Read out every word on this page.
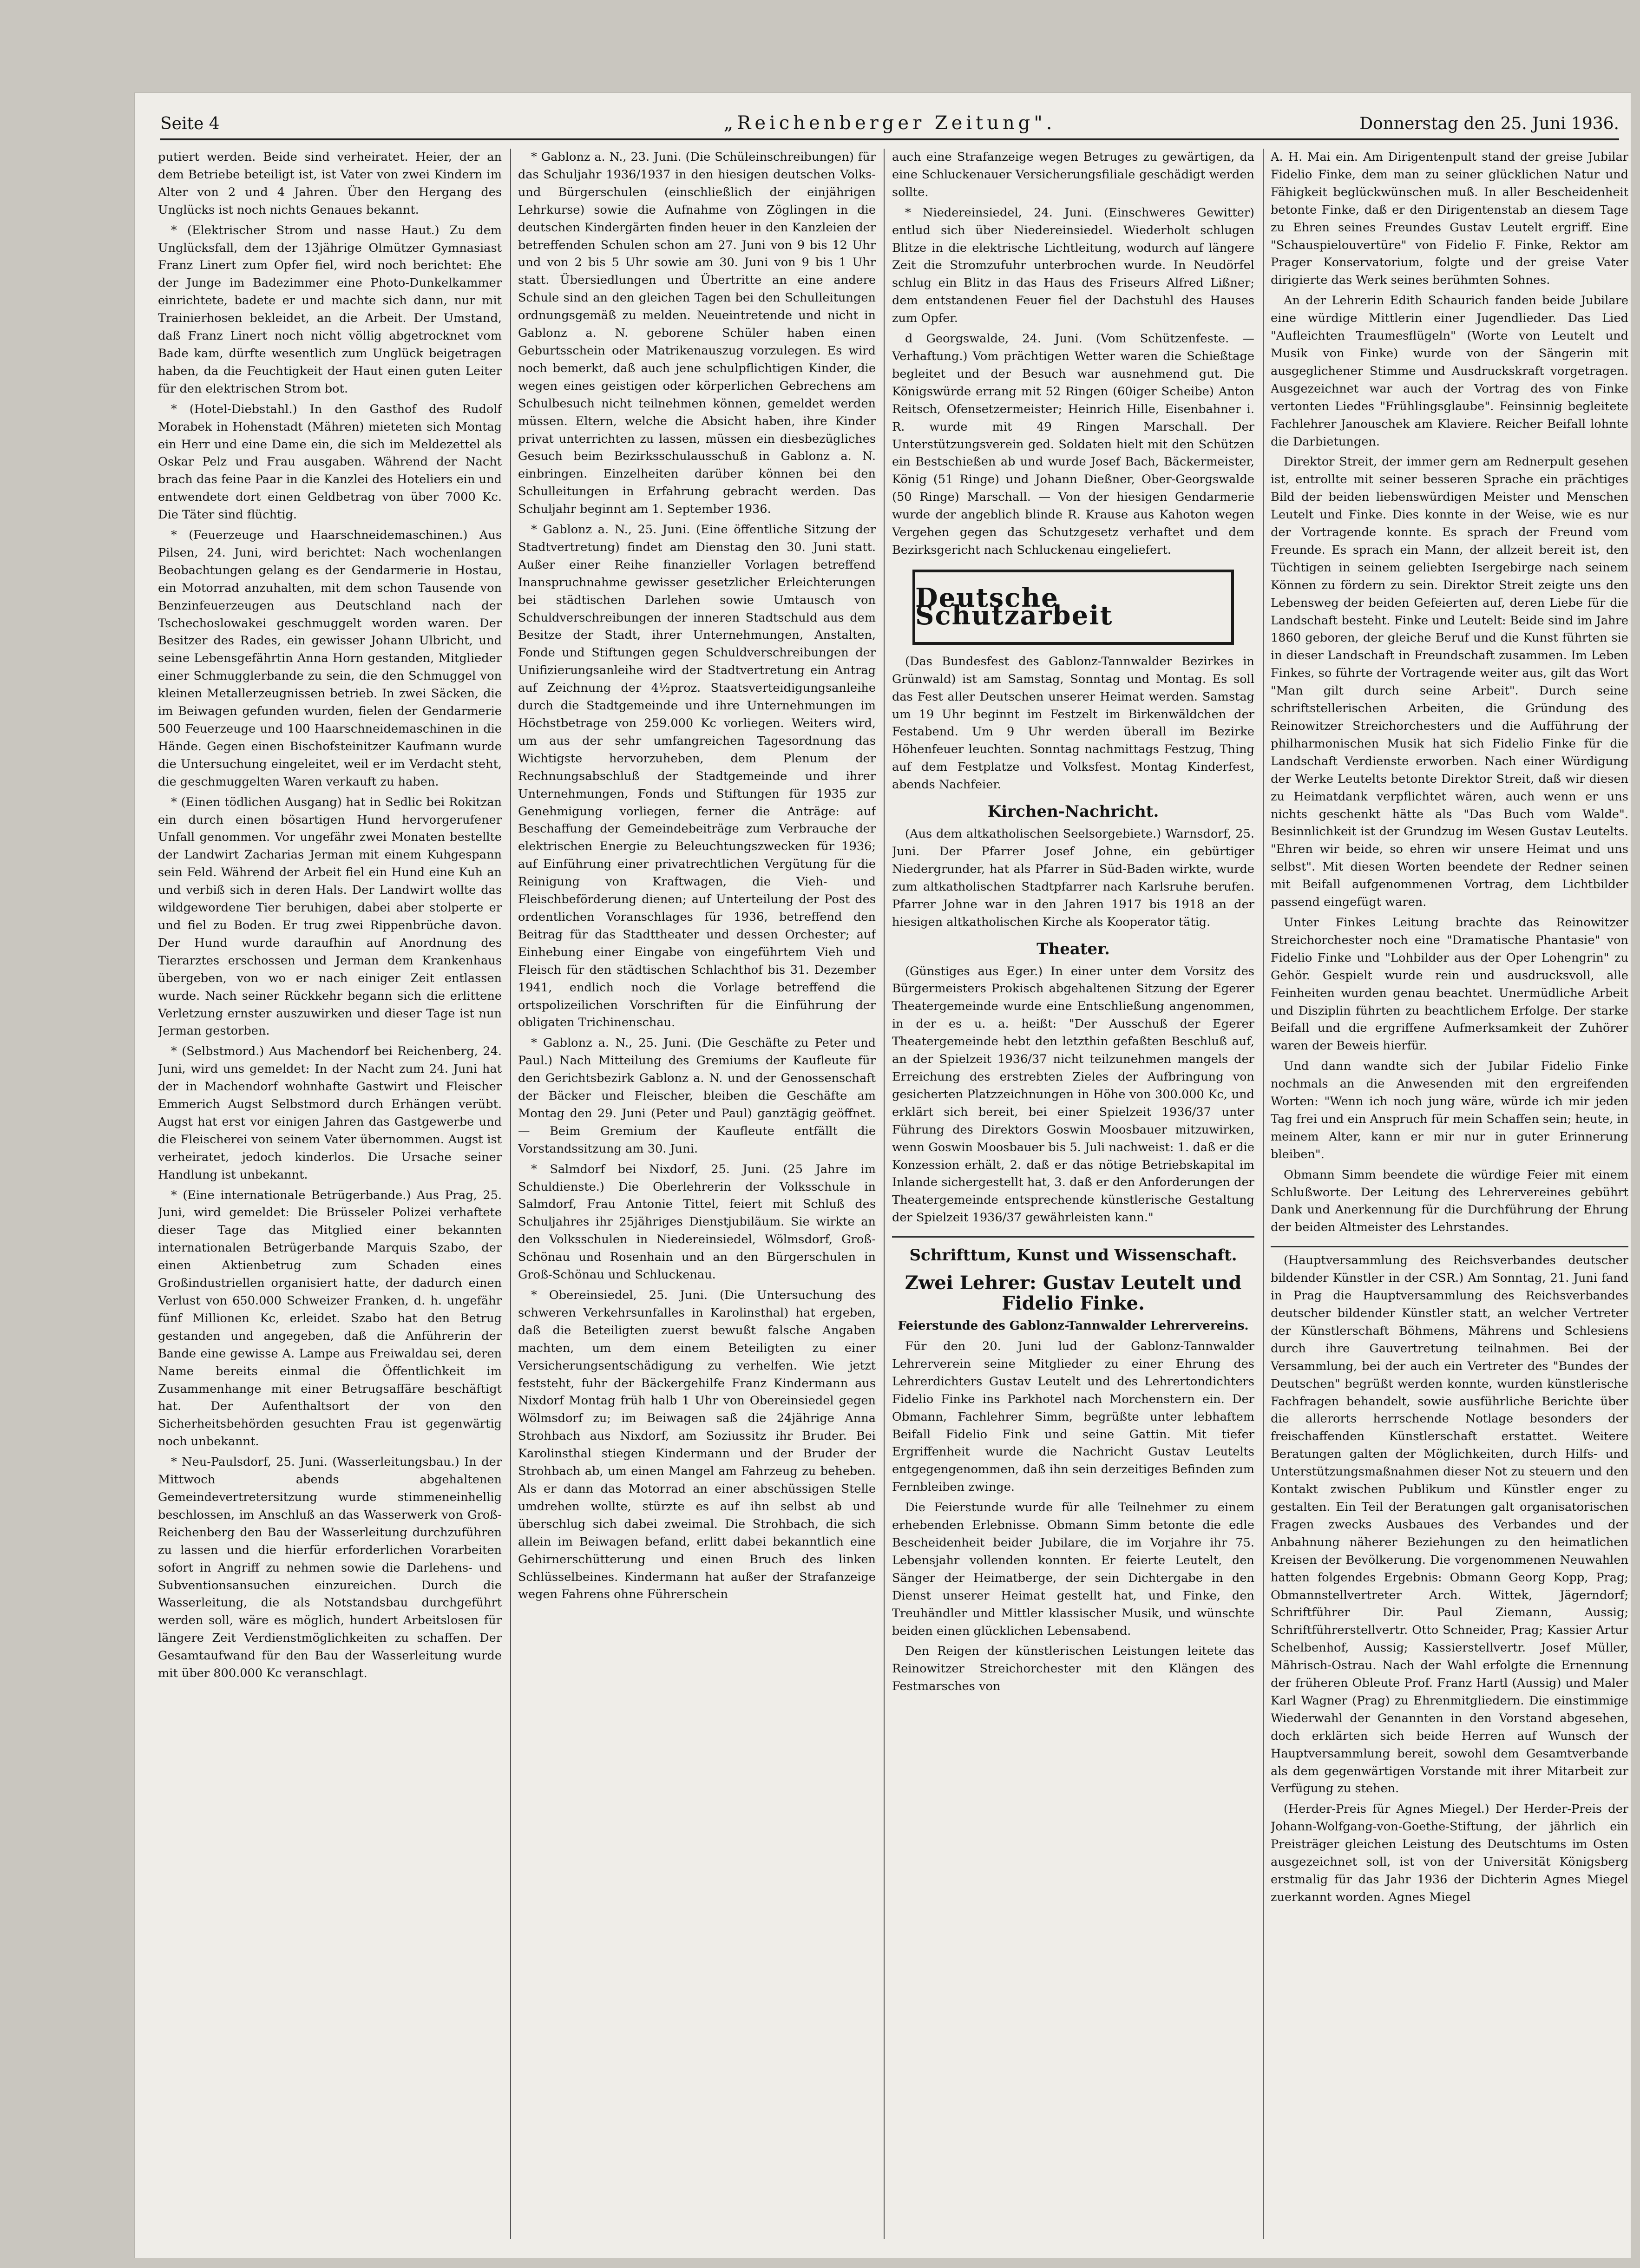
Seite 4	„Reichenberger Zeitung".	Donnerstag den 25. Juni 1936.

putiert werden. Beide sind verheiratet. Heier, der an dem Betriebe beteiligt ist, ist Vater von zwei Kindern im Alter von 2 und 4 Jahren. Über den Hergang des Unglücks ist noch nichts Genaues bekannt.

* (Elektrischer Strom und nasse Haut.) Zu dem Unglücksfall, dem der 13jährige Olmützer Gymnasiast Franz Linert zum Opfer fiel, wird noch berichtet: Ehe der Junge im Badezimmer eine Photo-Dunkelkammer einrichtete, badete er und machte sich dann, nur mit Trainierhosen bekleidet, an die Arbeit. Der Umstand, daß Franz Linert noch nicht völlig abgetrocknet vom Bade kam, dürfte wesentlich zum Unglück beigetragen haben, da die Feuchtigkeit der Haut einen guten Leiter für den elektrischen Strom bot.

* (Hotel-Diebstahl.) In den Gasthof des Rudolf Morabek in Hohenstadt (Mähren) mieteten sich Montag ein Herr und eine Dame ein, die sich im Meldezettel als Oskar Pelz und Frau ausgaben. Während der Nacht brach das feine Paar in die Kanzlei des Hoteliers ein und entwendete dort einen Geldbetrag von über 7000 Kc. Die Täter sind flüchtig.

* (Feuerzeuge und Haarschneidemaschinen.) Aus Pilsen, 24. Juni, wird berichtet: Nach wochenlangen Beobachtungen gelang es der Gendarmerie in Hostau, ein Motorrad anzuhalten, mit dem schon Tausende von Benzinfeuerzeugen aus Deutschland nach der Tschechoslowakei geschmuggelt worden waren. Der Besitzer des Rades, ein gewisser Johann Ulbricht, und seine Lebensgefährtin Anna Horn gestanden, Mitglieder einer Schmugglerbande zu sein, die den Schmuggel von kleinen Metallerzeugnissen betrieb. In zwei Säcken, die im Beiwagen gefunden wurden, fielen der Gendarmerie 500 Feuerzeuge und 100 Haarschneidemaschinen in die Hände. Gegen einen Bischofsteinitzer Kaufmann wurde die Untersuchung eingeleitet, weil er im Verdacht steht, die geschmuggelten Waren verkauft zu haben.

* (Einen tödlichen Ausgang) hat in Sedlic bei Rokitzan ein durch einen bösartigen Hund hervorgerufener Unfall genommen. Vor ungefähr zwei Monaten bestellte der Landwirt Zacharias Jerman mit einem Kuhgespann sein Feld. Während der Arbeit fiel ein Hund eine Kuh an und verbiß sich in deren Hals. Der Landwirt wollte das wildgewordene Tier beruhigen, dabei aber stolperte er und fiel zu Boden. Er trug zwei Rippenbrüche davon. Der Hund wurde daraufhin auf Anordnung des Tierarztes erschossen und Jerman dem Krankenhaus übergeben, von wo er nach einiger Zeit entlassen wurde. Nach seiner Rückkehr begann sich die erlittene Verletzung ernster auszuwirken und dieser Tage ist nun Jerman gestorben.

* (Selbstmord.) Aus Machendorf bei Reichenberg, 24. Juni, wird uns gemeldet: In der Nacht zum 24. Juni hat der in Machendorf wohnhafte Gastwirt und Fleischer Emmerich Augst Selbstmord durch Erhängen verübt. Augst hat erst vor einigen Jahren das Gastgewerbe und die Fleischerei von seinem Vater übernommen. Augst ist verheiratet, jedoch kinderlos. Die Ursache seiner Handlung ist unbekannt.

* (Eine internationale Betrügerbande.) Aus Prag, 25. Juni, wird gemeldet: Die Brüsseler Polizei verhaftete dieser Tage das Mitglied einer bekannten internationalen Betrügerbande Marquis Szabo, der einen Aktienbetrug zum Schaden eines Großindustriellen organisiert hatte, der dadurch einen Verlust von 650.000 Schweizer Franken, d. h. ungefähr fünf Millionen Kc, erleidet. Szabo hat den Betrug gestanden und angegeben, daß die Anführerin der Bande eine gewisse A. Lampe aus Freiwaldau sei, deren Name bereits einmal die Öffentlichkeit im Zusammenhange mit einer Betrugsaffäre beschäftigt hat. Der Aufenthaltsort der von den Sicherheitsbehörden gesuchten Frau ist gegenwärtig noch unbekannt.

* Neu-Paulsdorf, 25. Juni. (Wasserleitungsbau.) In der Mittwoch abends abgehaltenen Gemeindevertretersitzung wurde stimmeneinhellig beschlossen, im Anschluß an das Wasserwerk von Groß-Reichenberg den Bau der Wasserleitung durchzuführen zu lassen und die hierfür erforderlichen Vorarbeiten sofort in Angriff zu nehmen sowie die Darlehens- und Subventionsansuchen einzureichen. Durch die Wasserleitung, die als Notstandsbau durchgeführt werden soll, wäre es möglich, hundert Arbeitslosen für längere Zeit Verdienstmöglichkeiten zu schaffen. Der Gesamtaufwand für den Bau der Wasserleitung wurde mit über 800.000 Kc veranschlagt.

* Gablonz a. N., 23. Juni. (Die Schüleinschreibungen) für das Schuljahr 1936/1937 in den hiesigen deutschen Volks- und Bürgerschulen (einschließlich der einjährigen Lehrkurse) sowie die Aufnahme von Zöglingen in die deutschen Kindergärten finden heuer in den Kanzleien der betreffenden Schulen schon am 27. Juni von 9 bis 12 Uhr und von 2 bis 5 Uhr sowie am 30. Juni von 9 bis 1 Uhr statt. Übersiedlungen und Übertritte an eine andere Schule sind an den gleichen Tagen bei den Schulleitungen ordnungsgemäß zu melden. Neueintretende und nicht in Gablonz a. N. geborene Schüler haben einen Geburtsschein oder Matrikenauszug vorzulegen. Es wird noch bemerkt, daß auch jene schulpflichtigen Kinder, die wegen eines geistigen oder körperlichen Gebrechens am Schulbesuch nicht teilnehmen können, gemeldet werden müssen. Eltern, welche die Absicht haben, ihre Kinder privat unterrichten zu lassen, müssen ein diesbezügliches Gesuch beim Bezirksschulausschuß in Gablonz a. N. einbringen. Einzelheiten darüber können bei den Schulleitungen in Erfahrung gebracht werden. Das Schuljahr beginnt am 1. September 1936.

* Gablonz a. N., 25. Juni. (Eine öffentliche Sitzung der Stadtvertretung) findet am Dienstag den 30. Juni statt. Außer einer Reihe finanzieller Vorlagen betreffend Inanspruchnahme gewisser gesetzlicher Erleichterungen bei städtischen Darlehen sowie Umtausch von Schuldverschreibungen der inneren Stadtschuld aus dem Besitze der Stadt, ihrer Unternehmungen, Anstalten, Fonde und Stiftungen gegen Schuldverschreibungen der Unifizierungsanleihe wird der Stadtvertretung ein Antrag auf Zeichnung der 4½proz. Staatsverteidigungsanleihe durch die Stadtgemeinde und ihre Unternehmungen im Höchstbetrage von 259.000 Kc vorliegen. Weiters wird, um aus der sehr umfangreichen Tagesordnung das Wichtigste hervorzuheben, dem Plenum der Rechnungsabschluß der Stadtgemeinde und ihrer Unternehmungen, Fonds und Stiftungen für 1935 zur Genehmigung vorliegen, ferner die Anträge: auf Beschaffung der Gemeindebeiträge zum Verbrauche der elektrischen Energie zu Beleuchtungszwecken für 1936; auf Einführung einer privatrechtlichen Vergütung für die Reinigung von Kraftwagen, die Vieh- und Fleischbeförderung dienen; auf Unterteilung der Post des ordentlichen Voranschlages für 1936, betreffend den Beitrag für das Stadttheater und dessen Orchester; auf Einhebung einer Eingabe von eingeführtem Vieh und Fleisch für den städtischen Schlachthof bis 31. Dezember 1941, endlich noch die Vorlage betreffend die ortspolizeilichen Vorschriften für die Einführung der obligaten Trichinenschau.

* Gablonz a. N., 25. Juni. (Die Geschäfte zu Peter und Paul.) Nach Mitteilung des Gremiums der Kaufleute für den Gerichtsbezirk Gablonz a. N. und der Genossenschaft der Bäcker und Fleischer, bleiben die Geschäfte am Montag den 29. Juni (Peter und Paul) ganztägig geöffnet. — Beim Gremium der Kaufleute entfällt die Vorstandssitzung am 30. Juni.

* Salmdorf bei Nixdorf, 25. Juni. (25 Jahre im Schuldienste.) Die Oberlehrerin der Volksschule in Salmdorf, Frau Antonie Tittel, feiert mit Schluß des Schuljahres ihr 25jähriges Dienstjubiläum. Sie wirkte an den Volksschulen in Niedereinsiedel, Wölmsdorf, Groß-Schönau und Rosenhain und an den Bürgerschulen in Groß-Schönau und Schluckenau.

* Obereinsiedel, 25. Juni. (Die Untersuchung des schweren Verkehrsunfalles in Karolinsthal) hat ergeben, daß die Beteiligten zuerst bewußt falsche Angaben machten, um dem einem Beteiligten zu einer Versicherungsentschädigung zu verhelfen. Wie jetzt feststeht, fuhr der Bäckergehilfe Franz Kindermann aus Nixdorf Montag früh halb 1 Uhr von Obereinsiedel gegen Wölmsdorf zu; im Beiwagen saß die 24jährige Anna Strohbach aus Nixdorf, am Soziussitz ihr Bruder. Bei Karolinsthal stiegen Kindermann und der Bruder der Strohbach ab, um einen Mangel am Fahrzeug zu beheben. Als er dann das Motorrad an einer abschüssigen Stelle umdrehen wollte, stürzte es auf ihn selbst ab und überschlug sich dabei zweimal. Die Strohbach, die sich allein im Beiwagen befand, erlitt dabei bekanntlich eine Gehirnerschütterung und einen Bruch des linken Schlüsselbeines. Kindermann hat außer der Strafanzeige wegen Fahrens ohne Führerschein

auch eine Strafanzeige wegen Betruges zu gewärtigen, da eine Schluckenauer Versicherungsfiliale geschädigt werden sollte.

* Niedereinsiedel, 24. Juni. (Einschweres Gewitter) entlud sich über Niedereinsiedel. Wiederholt schlugen Blitze in die elektrische Lichtleitung, wodurch auf längere Zeit die Stromzufuhr unterbrochen wurde. In Neudörfel schlug ein Blitz in das Haus des Friseurs Alfred Lißner; dem entstandenen Feuer fiel der Dachstuhl des Hauses zum Opfer.

d Georgswalde, 24. Juni. (Vom Schützenfeste. — Verhaftung.) Vom prächtigen Wetter waren die Schießtage begleitet und der Besuch war ausnehmend gut. Die Königswürde errang mit 52 Ringen (60iger Scheibe) Anton Reitsch, Ofensetzermeister; Heinrich Hille, Eisenbahner i. R. wurde mit 49 Ringen Marschall. Der Unterstützungsverein ged. Soldaten hielt mit den Schützen ein Bestschießen ab und wurde Josef Bach, Bäckermeister, König (51 Ringe) und Johann Dießner, Ober-Georgswalde (50 Ringe) Marschall. — Von der hiesigen Gendarmerie wurde der angeblich blinde R. Krause aus Kahoton wegen Vergehen gegen das Schutzgesetz verhaftet und dem Bezirksgericht nach Schluckenau eingeliefert.

Deutsche Schutzarbeit

(Das Bundesfest des Gablonz-Tannwalder Bezirkes in Grünwald) ist am Samstag, Sonntag und Montag. Es soll das Fest aller Deutschen unserer Heimat werden. Samstag um 19 Uhr beginnt im Festzelt im Birkenwäldchen der Festabend. Um 9 Uhr werden überall im Bezirke Höhenfeuer leuchten. Sonntag nachmittags Festzug, Thing auf dem Festplatze und Volksfest. Montag Kinderfest, abends Nachfeier.

Kirchen-Nachricht.

(Aus dem altkatholischen Seelsorgebiete.) Warnsdorf, 25. Juni. Der Pfarrer Josef Johne, ein gebürtiger Niedergrunder, hat als Pfarrer in Süd-Baden wirkte, wurde zum altkatholischen Stadtpfarrer nach Karlsruhe berufen. Pfarrer Johne war in den Jahren 1917 bis 1918 an der hiesigen altkatholischen Kirche als Kooperator tätig.

Theater.

(Günstiges aus Eger.) In einer unter dem Vorsitz des Bürgermeisters Prokisch abgehaltenen Sitzung der Egerer Theatergemeinde wurde eine Entschließung angenommen, in der es u. a. heißt: "Der Ausschuß der Egerer Theatergemeinde hebt den letzthin gefaßten Beschluß auf, an der Spielzeit 1936/37 nicht teilzunehmen mangels der Erreichung des erstrebten Zieles der Aufbringung von gesicherten Platzzeichnungen in Höhe von 300.000 Kc, und erklärt sich bereit, bei einer Spielzeit 1936/37 unter Führung des Direktors Goswin Moosbauer mitzuwirken, wenn Goswin Moosbauer bis 5. Juli nachweist: 1. daß er die Konzession erhält, 2. daß er das nötige Betriebskapital im Inlande sichergestellt hat, 3. daß er den Anforderungen der Theatergemeinde entsprechende künstlerische Gestaltung der Spielzeit 1936/37 gewährleisten kann."

Schrifttum, Kunst und Wissenschaft.
Zwei Lehrer: Gustav Leutelt und Fidelio Finke.

Feierstunde des Gablonz-Tannwalder Lehrervereins.

Für den 20. Juni lud der Gablonz-Tannwalder Lehrerverein seine Mitglieder zu einer Ehrung des Lehrerdichters Gustav Leutelt und des Lehrertondichters Fidelio Finke ins Parkhotel nach Morchenstern ein. Der Obmann, Fachlehrer Simm, begrüßte unter lebhaftem Beifall Fidelio Fink und seine Gattin. Mit tiefer Ergriffenheit wurde die Nachricht Gustav Leutelts entgegengenommen, daß ihn sein derzeitiges Befinden zum Fernbleiben zwinge.

Die Feierstunde wurde für alle Teilnehmer zu einem erhebenden Erlebnisse. Obmann Simm betonte die edle Bescheidenheit beider Jubilare, die im Vorjahre ihr 75. Lebensjahr vollenden konnten. Er feierte Leutelt, den Sänger der Heimatberge, der sein Dichtergabe in den Dienst unserer Heimat gestellt hat, und Finke, den Treuhändler und Mittler klassischer Musik, und wünschte beiden einen glücklichen Lebensabend.

Den Reigen der künstlerischen Leistungen leitete das Reinowitzer Streichorchester mit den Klängen des Festmarsches von

A. H. Mai ein. Am Dirigentenpult stand der greise Jubilar Fidelio Finke, dem man zu seiner glücklichen Natur und Fähigkeit beglückwünschen muß. In aller Bescheidenheit betonte Finke, daß er den Dirigentenstab an diesem Tage zu Ehren seines Freundes Gustav Leutelt ergriff. Eine "Schauspielouvertüre" von Fidelio F. Finke, Rektor am Prager Konservatorium, folgte und der greise Vater dirigierte das Werk seines berühmten Sohnes.

An der Lehrerin Edith Schaurich fanden beide Jubilare eine würdige Mittlerin einer Jugendlieder. Das Lied "Aufleichten Traumesflügeln" (Worte von Leutelt und Musik von Finke) wurde von der Sängerin mit ausgeglichener Stimme und Ausdruckskraft vorgetragen. Ausgezeichnet war auch der Vortrag des von Finke vertonten Liedes "Frühlingsglaube". Feinsinnig begleitete Fachlehrer Janouschek am Klaviere. Reicher Beifall lohnte die Darbietungen.

Direktor Streit, der immer gern am Rednerpult gesehen ist, entrollte mit seiner besseren Sprache ein prächtiges Bild der beiden liebenswürdigen Meister und Menschen Leutelt und Finke. Dies konnte in der Weise, wie es nur der Vortragende konnte. Es sprach der Freund vom Freunde. Es sprach ein Mann, der allzeit bereit ist, den Tüchtigen in seinem geliebten Isergebirge nach seinem Können zu fördern zu sein. Direktor Streit zeigte uns den Lebensweg der beiden Gefeierten auf, deren Liebe für die Landschaft besteht. Finke und Leutelt: Beide sind im Jahre 1860 geboren, der gleiche Beruf und die Kunst führten sie in dieser Landschaft in Freundschaft zusammen. Im Leben Finkes, so führte der Vortragende weiter aus, gilt das Wort "Man gilt durch seine Arbeit". Durch seine schriftstellerischen Arbeiten, die Gründung des Reinowitzer Streichorchesters und die Aufführung der philharmonischen Musik hat sich Fidelio Finke für die Landschaft Verdienste erworben. Nach einer Würdigung der Werke Leutelts betonte Direktor Streit, daß wir diesen zu Heimatdank verpflichtet wären, auch wenn er uns nichts geschenkt hätte als "Das Buch vom Walde". Besinnlichkeit ist der Grundzug im Wesen Gustav Leutelts. "Ehren wir beide, so ehren wir unsere Heimat und uns selbst". Mit diesen Worten beendete der Redner seinen mit Beifall aufgenommenen Vortrag, dem Lichtbilder passend eingefügt waren.

Unter Finkes Leitung brachte das Reinowitzer Streichorchester noch eine "Dramatische Phantasie" von Fidelio Finke und "Lohbilder aus der Oper Lohengrin" zu Gehör. Gespielt wurde rein und ausdrucksvoll, alle Feinheiten wurden genau beachtet. Unermüdliche Arbeit und Disziplin führten zu beachtlichem Erfolge. Der starke Beifall und die ergriffene Aufmerksamkeit der Zuhörer waren der Beweis hierfür.

Und dann wandte sich der Jubilar Fidelio Finke nochmals an die Anwesenden mit den ergreifenden Worten: "Wenn ich noch jung wäre, würde ich mir jeden Tag frei und ein Anspruch für mein Schaffen sein; heute, in meinem Alter, kann er mir nur in guter Erinnerung bleiben".

Obmann Simm beendete die würdige Feier mit einem Schlußworte. Der Leitung des Lehrervereines gebührt Dank und Anerkennung für die Durchführung der Ehrung der beiden Altmeister des Lehrstandes.

(Hauptversammlung des Reichsverbandes deutscher bildender Künstler in der CSR.) Am Sonntag, 21. Juni fand in Prag die Hauptversammlung des Reichsverbandes deutscher bildender Künstler statt, an welcher Vertreter der Künstlerschaft Böhmens, Mährens und Schlesiens durch ihre Gauvertretung teilnahmen. Bei der Versammlung, bei der auch ein Vertreter des "Bundes der Deutschen" begrüßt werden konnte, wurden künstlerische Fachfragen behandelt, sowie ausführliche Berichte über die allerorts herrschende Notlage besonders der freischaffenden Künstlerschaft erstattet. Weitere Beratungen galten der Möglichkeiten, durch Hilfs- und Unterstützungsmaßnahmen dieser Not zu steuern und den Kontakt zwischen Publikum und Künstler enger zu gestalten. Ein Teil der Beratungen galt organisatorischen Fragen zwecks Ausbaues des Verbandes und der Anbahnung näherer Beziehungen zu den heimatlichen Kreisen der Bevölkerung. Die vorgenommenen Neuwahlen hatten folgendes Ergebnis: Obmann Georg Kopp, Prag; Obmannstellvertreter Arch. Wittek, Jägerndorf; Schriftführer Dir. Paul Ziemann, Aussig; Schriftführerstellvertr. Otto Schneider, Prag; Kassier Artur Schelbenhof, Aussig; Kassierstellvertr. Josef Müller, Mährisch-Ostrau. Nach der Wahl erfolgte die Ernennung der früheren Obleute Prof. Franz Hartl (Aussig) und Maler Karl Wagner (Prag) zu Ehrenmitgliedern. Die einstimmige Wiederwahl der Genannten in den Vorstand abgesehen, doch erklärten sich beide Herren auf Wunsch der Hauptversammlung bereit, sowohl dem Gesamtverbande als dem gegenwärtigen Vorstande mit ihrer Mitarbeit zur Verfügung zu stehen.

(Herder-Preis für Agnes Miegel.) Der Herder-Preis der Johann-Wolfgang-von-Goethe-Stiftung, der jährlich ein Preisträger gleichen Leistung des Deutschtums im Osten ausgezeichnet soll, ist von der Universität Königsberg erstmalig für das Jahr 1936 der Dichterin Agnes Miegel zuerkannt worden. Agnes Miegel
